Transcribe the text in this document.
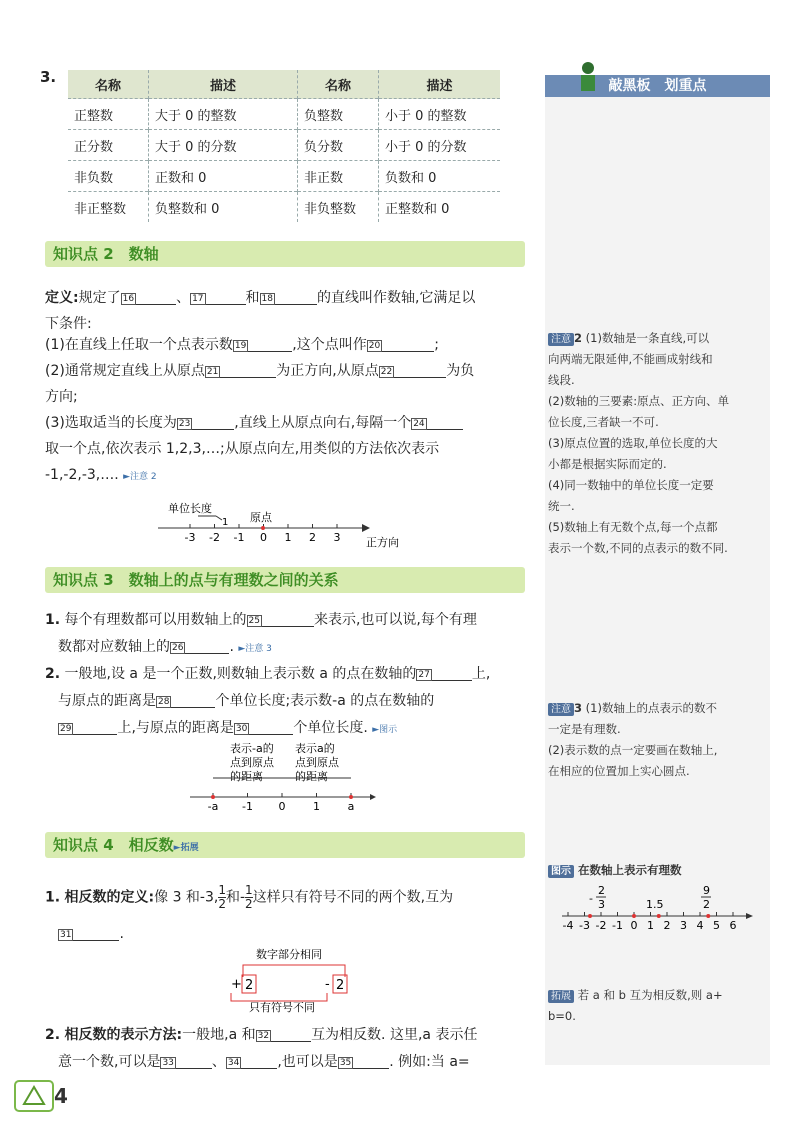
3.	名称	描述	名称	描述
正整数	大于 0 的整数	负整数	小于 0 的整数
正分数	大于 0 的分数	负分数	小于 0 的分数
非负数	正数和 0	非正数	负数和 0
非正整数	负整数和 0	非负整数	正整数和 0
知识点 2　数轴
定义:规定了 16	、 17	和 18	的直线叫作数轴,它满足以
下条件:
(1)在直线上任取一个点表示数 19	,这个点叫作 20	;
(2)通常规定直线上从原点 21	为正方向,从原点 22	为负
方向;
(3)选取适当的长度为 23	,直线上从原点向右,每隔一个 24
取一个点,依次表示 1,2,3,…;从原点向左,用类似的方法依次表示
-1,-2,-3,…. ►注意 2
单位长度
1 原点
-3 -2 -1 0 1 2 3 正方向
知识点 3　数轴上的点与有理数之间的关系
1. 每个有理数都可以用数轴上的 25	来表示,也可以说,每个有理
数都对应数轴上的 26	. ►注意 3
2. 一般地,设 a 是一个正数,则数轴上表示数 a 的点在数轴的 27	上,
与原点的距离是 28	个单位长度;表示数-a 的点在数轴的
29	上,与原点的距离是 30	个单位长度. ►图示
表示-a的
点到原点
的距离
表示a的
点到原点
的距离
-a -1 0	1	a
知识点 4　相反数►拓展
1. 相反数的定义:像 3 和-3, $\frac{1}{2}$ 和- $\frac{1}{2}$ 这样只有符号不同的两个数,互为
31	.
数字部分相同
+ 2	- 2
只有符号不同
2. 相反数的表示方法:一般地,a 和 32	互为相反数. 这里,a 表示任
意一个数,可以是 33	、 34	,也可以是 35	. 例如:当 a=
4
敲黑板　划重点
注意 2 (1)数轴是一条直线,可以
向两端无限延伸,不能画成射线和
线段.
(2)数轴的三要素:原点、正方向、单
位长度,三者缺一不可.
(3)原点位置的选取,单位长度的大
小都是根据实际而定的.
(4)同一数轴中的单位长度一定要
统一.
(5)数轴上有无数个点,每一个点都
表示一个数,不同的点表示的数不同.
注意 3 (1)数轴上的点表示的数不
一定是有理数.
(2)表示数的点一定要画在数轴上,
在相应的位置加上实心圆点.
图示 在数轴上表示有理数
2
3
-	1.5
9
2
-4 -3 -2 -1 0 1 2 3 4 5 6
拓展 若 a 和 b 互为相反数,则 a+
b=0.
